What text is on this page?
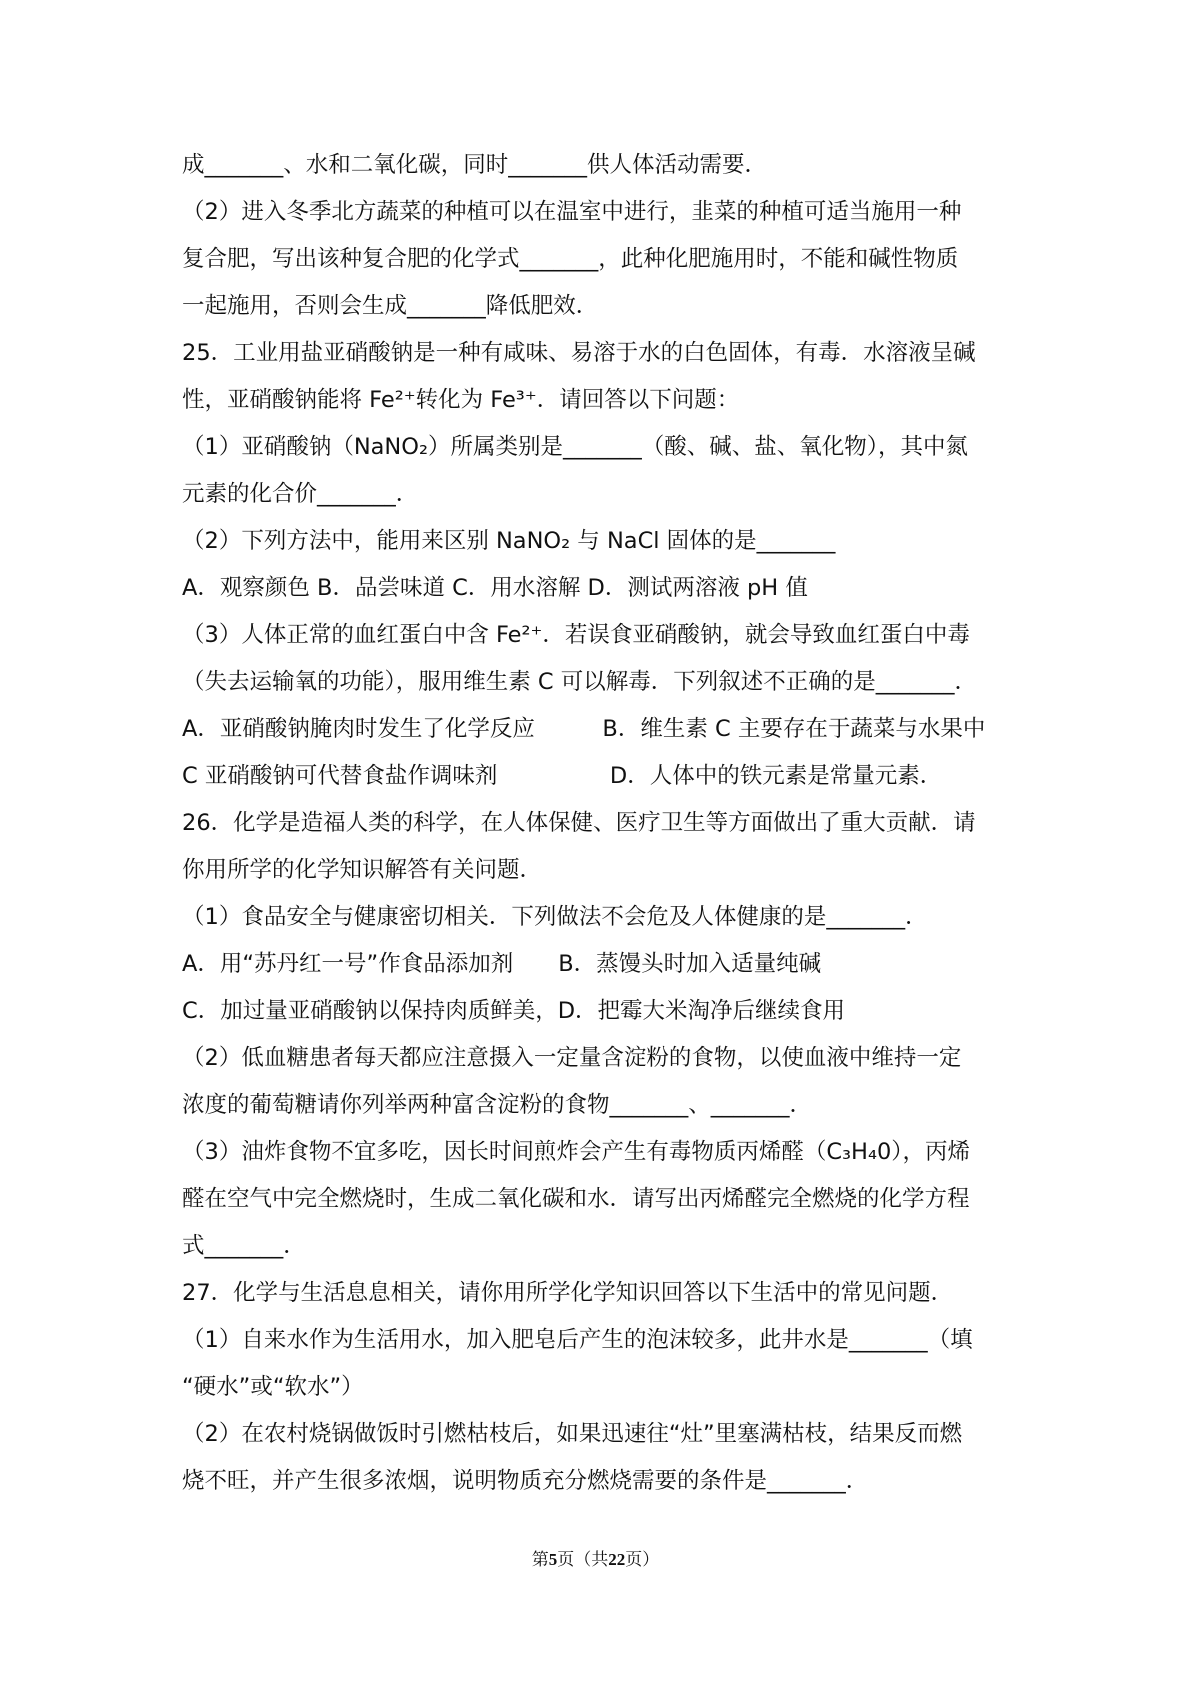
成_______、水和二氧化碳，同时_______供人体活动需要．
（2）进入冬季北方蔬菜的种植可以在温室中进行，韭菜的种植可适当施用一种
复合肥，写出该种复合肥的化学式_______，此种化肥施用时，不能和碱性物质
一起施用，否则会生成_______降低肥效．
25．工业用盐亚硝酸钠是一种有咸味、易溶于水的白色固体，有毒．水溶液呈碱
性，亚硝酸钠能将 Fe²⁺转化为 Fe³⁺．请回答以下问题：
（1）亚硝酸钠（NaNO₂）所属类别是_______（酸、碱、盐、氧化物），其中氮
元素的化合价_______．
（2）下列方法中，能用来区别 NaNO₂ 与 NaCl 固体的是_______
A．观察颜色 B．品尝味道 C．用水溶解 D．测试两溶液 pH 值
（3）人体正常的血红蛋白中含 Fe²⁺．若误食亚硝酸钠，就会导致血红蛋白中毒
（失去运输氧的功能），服用维生素 C 可以解毒．下列叙述不正确的是_______．
A．亚硝酸钠腌肉时发生了化学反应　　　B．维生素 C 主要存在于蔬菜与水果中
C 亚硝酸钠可代替食盐作调味剂　　　　　D．人体中的铁元素是常量元素．
26．化学是造福人类的科学，在人体保健、医疗卫生等方面做出了重大贡献．请
你用所学的化学知识解答有关问题．
（1）食品安全与健康密切相关．下列做法不会危及人体健康的是_______．
A．用“苏丹红一号”作食品添加剂　　B．蒸馒头时加入适量纯碱
C．加过量亚硝酸钠以保持肉质鲜美，D．把霉大米淘净后继续食用
（2）低血糖患者每天都应注意摄入一定量含淀粉的食物，以使血液中维持一定
浓度的葡萄糖请你列举两种富含淀粉的食物_______、_______．
（3）油炸食物不宜多吃，因长时间煎炸会产生有毒物质丙烯醛（C₃H₄0），丙烯
醛在空气中完全燃烧时，生成二氧化碳和水．请写出丙烯醛完全燃烧的化学方程
式_______．
27．化学与生活息息相关，请你用所学化学知识回答以下生活中的常见问题．
（1）自来水作为生活用水，加入肥皂后产生的泡沫较多，此井水是_______（填
“硬水”或“软水”）
（2）在农村烧锅做饭时引燃枯枝后，如果迅速往“灶”里塞满枯枝，结果反而燃
烧不旺，并产生很多浓烟，说明物质充分燃烧需要的条件是_______．
第5页（共22页）
